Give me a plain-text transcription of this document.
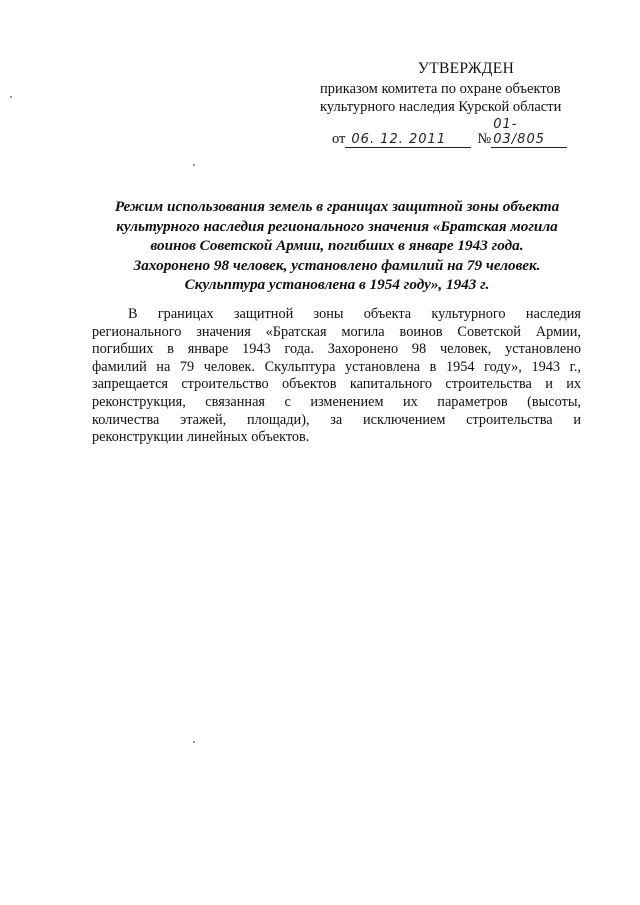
УТВЕРЖДЕН
приказом комитета по охране объектов
культурного наследия Курской области
от 06. 12. 2011	№
01-03/805
Режим использования земель в границах защитной зоны объекта
культурного наследия регионального значения «Братская могила
воинов Советской Армии, погибших в январе 1943 года.
Захоронено 98 человек, установлено фамилий на 79 человек.
Скульптура установлена в 1954 году», 1943 г.
В границах защитной зоны объекта культурного наследия
регионального значения «Братская могила воинов Советской Армии,
погибших в январе 1943 года. Захоронено 98 человек, установлено
фамилий на 79 человек. Скульптура установлена в 1954 году», 1943 г.,
запрещается строительство объектов капитального строительства и их
реконструкция, связанная с изменением их параметров (высоты,
количества этажей, площади), за исключением строительства и
реконструкции линейных объектов.
